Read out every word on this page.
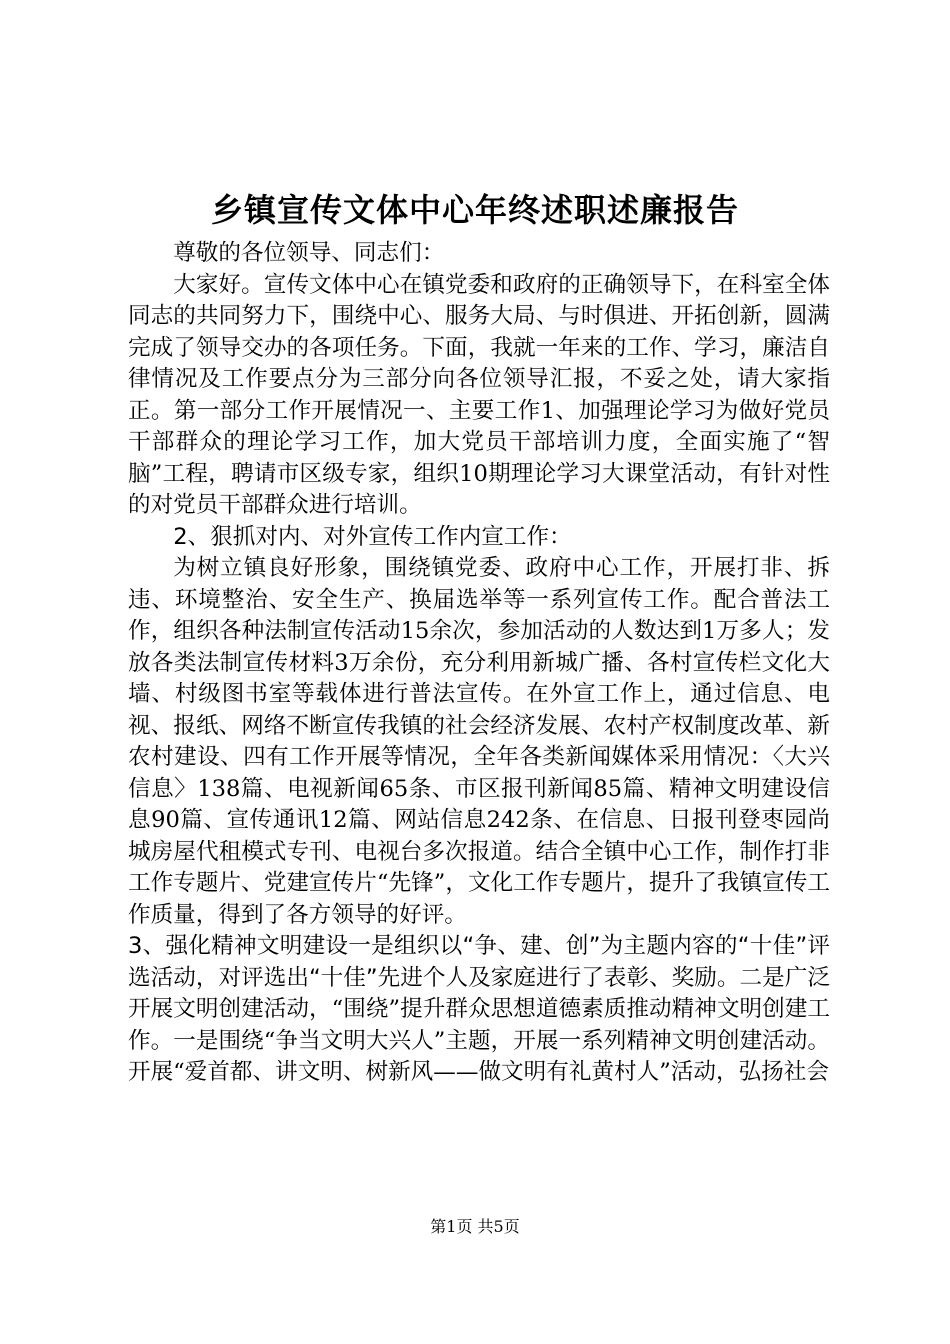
乡镇宣传文体中心年终述职述廉报告

尊敬的各位领导、同志们：

大家好。宣传文体中心在镇党委和政府的正确领导下，在科室全体同志的共同努力下，围绕中心、服务大局、与时俱进、开拓创新，圆满完成了领导交办的各项任务。下面，我就一年来的工作、学习，廉洁自律情况及工作要点分为三部分向各位领导汇报，不妥之处，请大家指正。第一部分工作开展情况一、主要工作1、加强理论学习为做好党员干部群众的理论学习工作，加大党员干部培训力度，全面实施了“智脑”工程，聘请市区级专家，组织10期理论学习大课堂活动，有针对性的对党员干部群众进行培训。

2、狠抓对内、对外宣传工作内宣工作：

为树立镇良好形象，围绕镇党委、政府中心工作，开展打非、拆违、环境整治、安全生产、换届选举等一系列宣传工作。配合普法工作，组织各种法制宣传活动15余次，参加活动的人数达到1万多人；发放各类法制宣传材料3万余份，充分利用新城广播、各村宣传栏文化大墙、村级图书室等载体进行普法宣传。在外宣工作上，通过信息、电视、报纸、网络不断宣传我镇的社会经济发展、农村产权制度改革、新农村建设、四有工作开展等情况，全年各类新闻媒体采用情况：〈大兴信息〉138篇、电视新闻65条、市区报刊新闻85篇、精神文明建设信息90篇、宣传通讯12篇、网站信息242条、在信息、日报刊登枣园尚城房屋代租模式专刊、电视台多次报道。结合全镇中心工作，制作打非工作专题片、党建宣传片“先锋”，文化工作专题片，提升了我镇宣传工作质量，得到了各方领导的好评。

3、强化精神文明建设一是组织以“争、建、创”为主题内容的“十佳”评选活动，对评选出“十佳”先进个人及家庭进行了表彰、奖励。

二是广泛开展文明创建活动，“围绕”提升群众思想道德素质推动精神文明创建工作。一是围绕“争当文明大兴人”主题，开展一系列精神文明创建活动。开展“爱首都、讲文明、树新风——做文明有礼黄村人”活动，弘扬社会
第1页 共5页
